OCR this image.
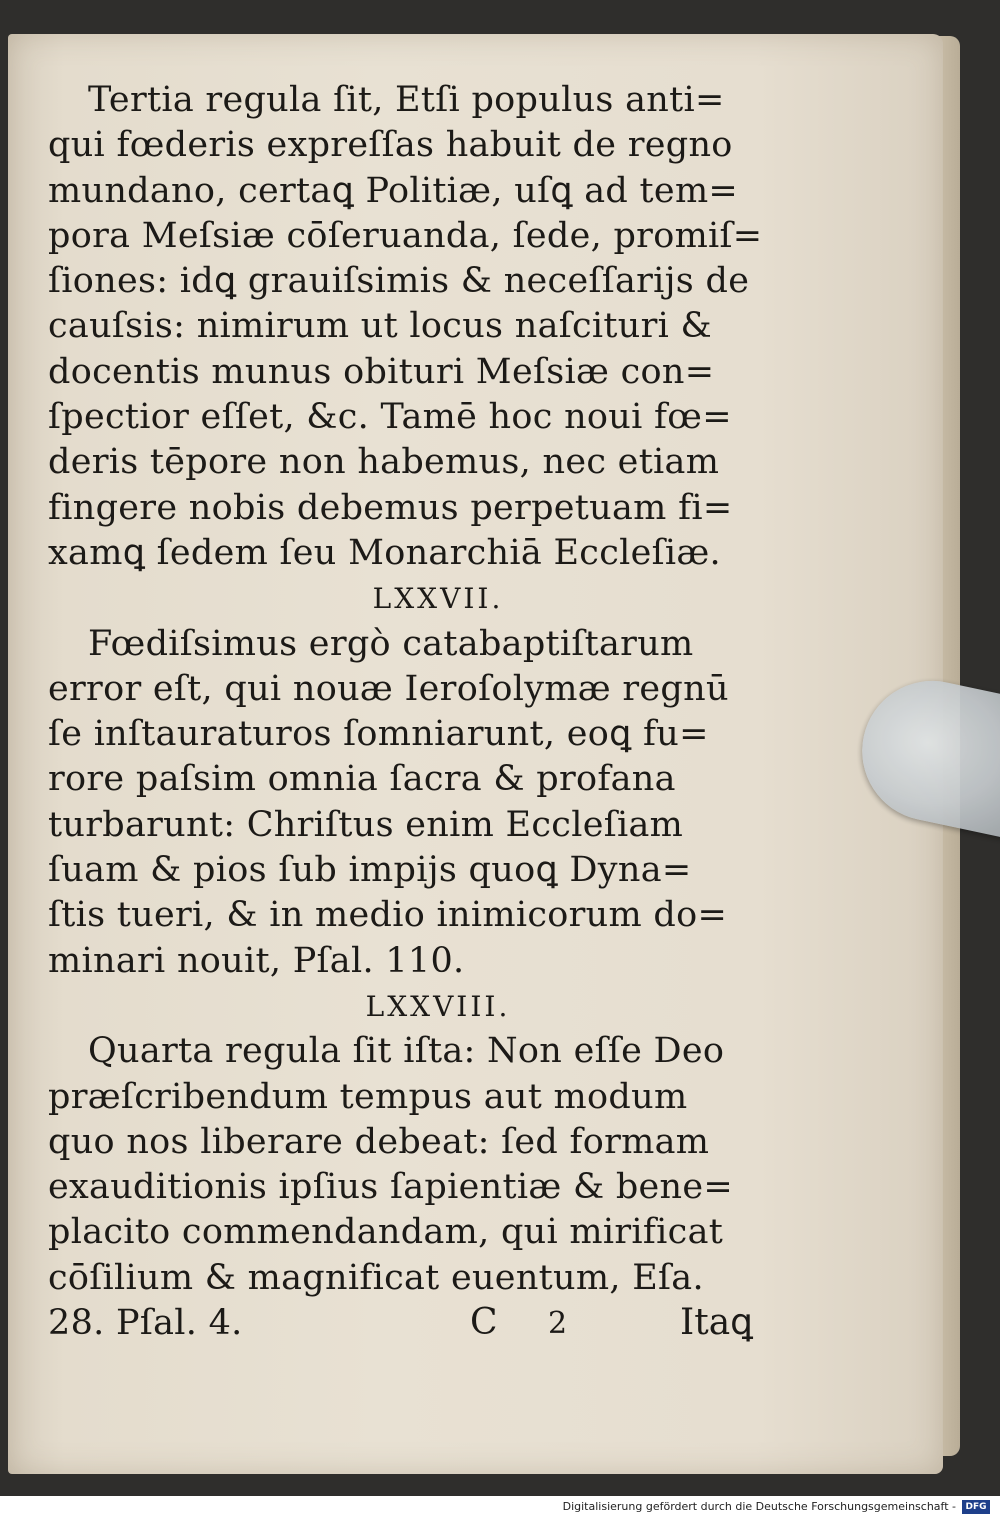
Tertia regula ſit, Etſi populus anti=
qui fœderis expreſſas habuit de regno
mundano, certaꝗ Politiæ, uſꝗ ad tem=
pora Meſsiæ cōſeruanda, ſede, promiſ=
ſiones: idꝗ grauiſsimis & neceſſarijs de
cauſsis: nimirum ut locus naſcituri &
docentis munus obituri Meſsiæ con=
ſpectior eſſet, &c. Tamē hoc noui fœ=
deris tēpore non habemus, nec etiam
fingere nobis debemus perpetuam fi=
xamꝗ ſedem ſeu Monarchiā Eccleſiæ.
LXXVII.
Fœdiſsimus ergò catabaptiſtarum
error eſt, qui nouæ Ieroſolymæ regnū
ſe inſtauraturos ſomniarunt, eoꝗ fu=
rore paſsim omnia ſacra & profana
turbarunt: Chriſtus enim Eccleſiam
ſuam & pios ſub impijs quoꝗ Dyna=
ſtis tueri, & in medio inimicorum do=
minari nouit, Pſal. 110.
LXXVIII.
Quarta regula ſit iſta: Non eſſe Deo
præſcribendum tempus aut modum
quo nos liberare debeat: ſed formam
exauditionis ipſius ſapientiæ & bene=
placito commendandam, qui mirificat
cōſilium & magnificat euentum, Eſa.
28. Pſal. 4.	C 2	Itaꝗ
Digitalisierung gefördert durch die Deutsche Forschungsgemeinschaft -	DFG
